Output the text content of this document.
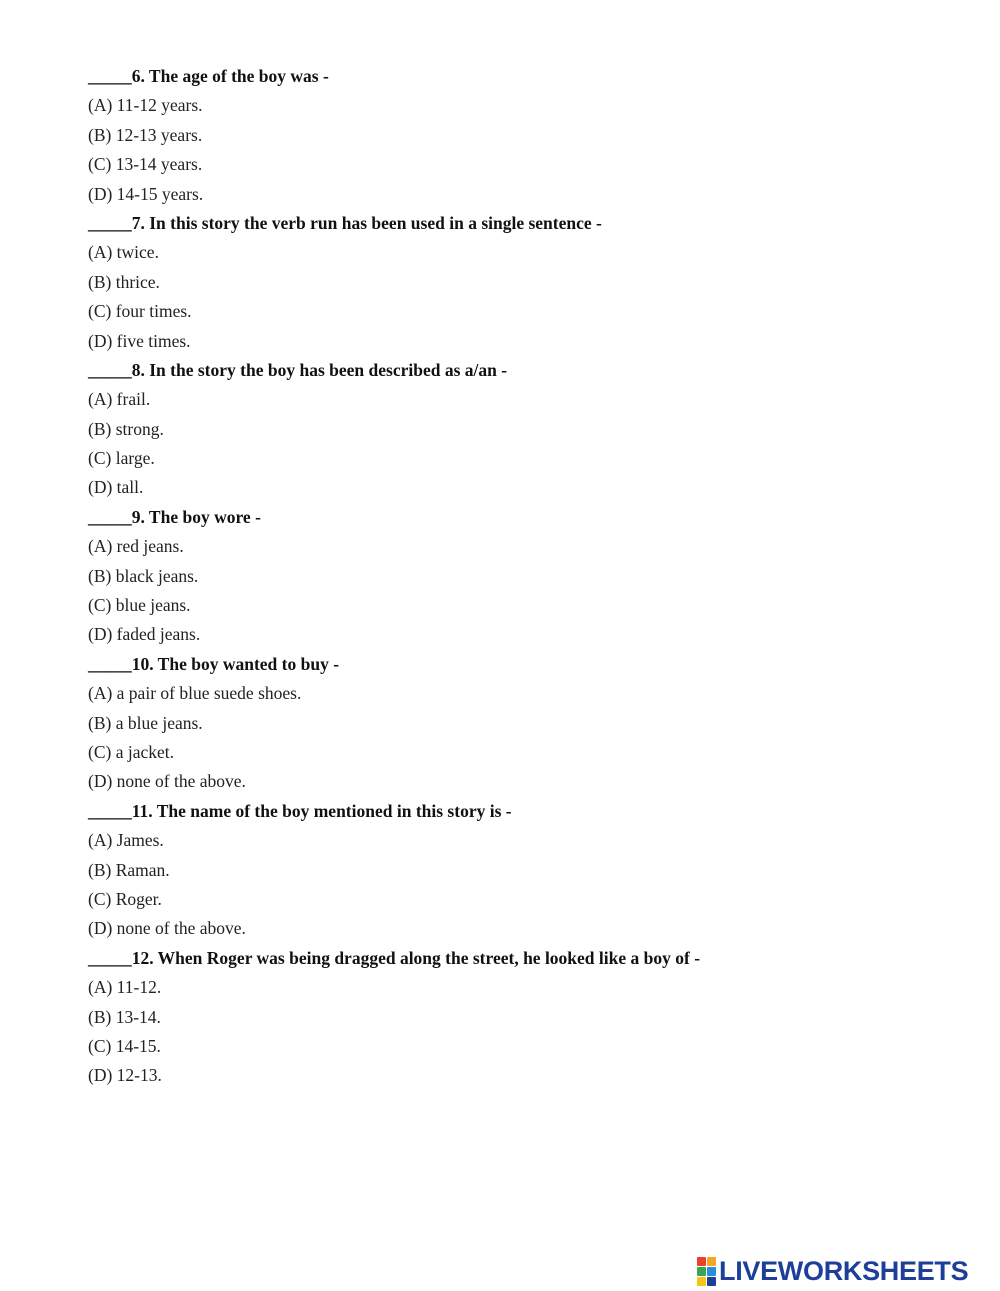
_____6. The age of the boy was -
(A) 11-12 years.
(B) 12-13 years.
(C) 13-14 years.
(D) 14-15 years.
_____7. In this story the verb run has been used in a single sentence -
(A) twice.
(B) thrice.
(C) four times.
(D) five times.
_____8. In the story the boy has been described as a/an -
(A) frail.
(B) strong.
(C) large.
(D) tall.
_____9. The boy wore -
(A) red jeans.
(B) black jeans.
(C) blue jeans.
(D) faded jeans.
_____10. The boy wanted to buy -
(A) a pair of blue suede shoes.
(B) a blue jeans.
(C) a jacket.
(D) none of the above.
_____11. The name of the boy mentioned in this story is -
(A) James.
(B) Raman.
(C) Roger.
(D) none of the above.
_____12. When Roger was being dragged along the street, he looked like a boy of -
(A) 11-12.
(B) 13-14.
(C) 14-15.
(D) 12-13.
LIVEWORKSHEETS
